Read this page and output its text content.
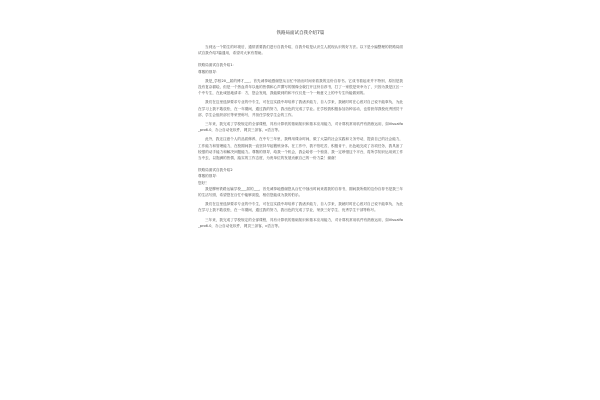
铁路局面试自我介绍7篇

当到达一个陌生的环境后，通常需要我们进行自我介绍，自我介绍是认识生人展现认识的好方法。以下是小编整理的铁路局面试自我介绍7篇通用，希望对大家有帮助。

铁路局面试自我介绍1：

尊敬的领导：

我是_学校20__届的博才___，首先诚挚地感谢您从百忙中抽出时间来看我的这份自荐书。它成书看起来并不特别，原因是我没有复杂描绘，但是一个热血青年以他的热情和心声撰写的图像全貌打开这份自荐书，打了一家很是荣幸为了，只因为我是区区一个中专生，在此诚恳地请求：方，您会发现，我能做到的和不仅仅是一个一般意义上的中专生所能做到的。

我们在这里选择要求专业的中专生，可在这实践中却培养了我诸多能力，自入学来，我就时时在心底对自己说不能辜负，为此在学习上我不敢放松，在一年期间，通过我的努力，我出色的完成了学业。在学校我积极参加各种活动，也曾获得我校优秀团员干部，学生会组织部长等荣誉称号，并担任学校学生会的工作。

三年来，我完成了学校规定的全部课程，具有计算机的基础知识和基本应用能力，对计算机常用软件有熟练运用，如Visualfo_pro6.0，办公自动化软件，网页三剑客，c语言等。

此外，我还注意个人的品质修养，在中专三年里，我利用课余时间，做了大量的社会实践和义务劳动，提高自己的社会能力，工作能力和管理能力，在校期间我一直坚持早起锻炼身体。在工作中，我不怕吃苦，积极肯干，出色地完成了各项任务，我具备了较强的动手能力和解决问题能力。尊敬的领导，给我一个机会，我会给你一个惊喜，我一定珍惜这个平台，将所学知识运用到工作当中去，以饱满的热情，踏实的工作态度，为贵单位的发展贡献自己的一份力量！谢谢！

铁路局面试自我介绍2

尊敬的领导：

您好！

我是柳州铁路运输学校___届的___，首先诚挚地感谢您从百忙中抽出时间来看我的自荐书，期间我所做的这份自荐书是我三年的生活写照，希望您在百忙中能够浏览，相信您能成为我的伯乐。

我们在这里选择要求专业的中专生，可在这实践中却培养了我诸多能力，自入学来，我就时时在心底对自己说不能辜负，为此在学习上我不敢放松，在一年期间，通过我的努力，我出色的完成了学业，荣获三好学生、优秀学生干部等称号。

三年来，我完成了学校规定的全部课程，具有计算机的基础知识和基本应用能力，对计算机常用软件有熟练运用，如Visualfo_pro6.0，办公自动化软件，网页三剑客，c语言等。
